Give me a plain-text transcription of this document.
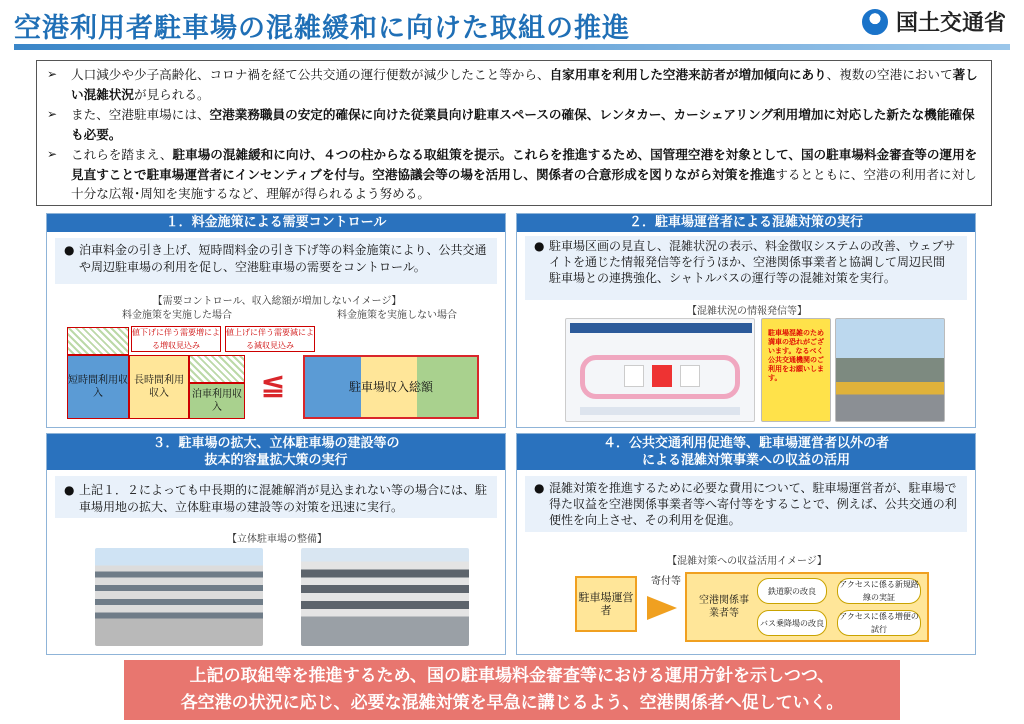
空港利用者駐車場の混雑緩和に向けた取組の推進	国土交通省

➢ 人口減少や少子高齢化、コロナ禍を経て公共交通の運行便数が減少したこと等から、自家用車を利用した空港来訪者が増加傾向にあり、複数の空港において著しい混雑状況が見られる。

➢ また、空港駐車場には、空港業務職員の安定的確保に向けた従業員向け駐車スペースの確保、レンタカー、カーシェアリング利用増加に対応した新たな機能確保も必要。

➢ これらを踏まえ、駐車場の混雑緩和に向け、４つの柱からなる取組策を提示。これらを推進するため、国管理空港を対象として、国の駐車場料金審査等の運用を見直すことで駐車場運営者にインセンティブを付与。空港協議会等の場を活用し、関係者の合意形成を図りながら対策を推進するとともに、空港の利用者に対し十分な広報･周知を実施するなど、理解が得られるよう努める。

１．料金施策による需要コントロール
● 泊車料金の引き上げ、短時間料金の引き下げ等の料金施策により、公共交通や周辺駐車場の利用を促し、空港駐車場の需要をコントロール。
【需要コントロール、収入総額が増加しないイメージ】
料金施策を実施した場合	料金施策を実施しない場合
値下げに伴う需要増による増収見込み
値上げに伴う需要減による減収見込み
短時間利用収入
長時間利用収入	泊車利用収入
≦	駐車場収入総額
２．駐車場運営者による混雑対策の実行
● 駐車場区画の見直し、混雑状況の表示、料金徴収システムの改善、ウェブサイトを通じた情報発信等を行うほか、空港関係事業者と協調して周辺民間駐車場との連携強化、シャトルバスの運行等の混雑対策を実行。
【混雑状況の情報発信等】
駐車場混雑のため満車の恐れがございます。なるべく公共交通機関のご利用をお願いします。
３．駐車場の拡大、立体駐車場の建設等の
抜本的容量拡大策の実行
● 上記１．２によっても中長期的に混雑解消が見込まれない等の場合には、駐車場用地の拡大、立体駐車場の建設等の対策を迅速に実行。
【立体駐車場の整備】
４．公共交通利用促進等、駐車場運営者以外の者
による混雑対策事業への収益の活用
● 混雑対策を推進するために必要な費用について、駐車場運営者が、駐車場で得た収益を空港関係事業者等へ寄付等をすることで、例えば、公共交通の利便性を向上させ、その利用を促進。
【混雑対策への収益活用イメージ】
駐車場運営者
寄付等
空港関係事業者等
鉄道駅の改良
アクセスに係る新規路線の実証
バス乗降場の改良
アクセスに係る増便の試行
上記の取組等を推進するため、国の駐車場料金審査等における運用方針を示しつつ、
各空港の状況に応じ、必要な混雑対策を早急に講じるよう、空港関係者へ促していく。
